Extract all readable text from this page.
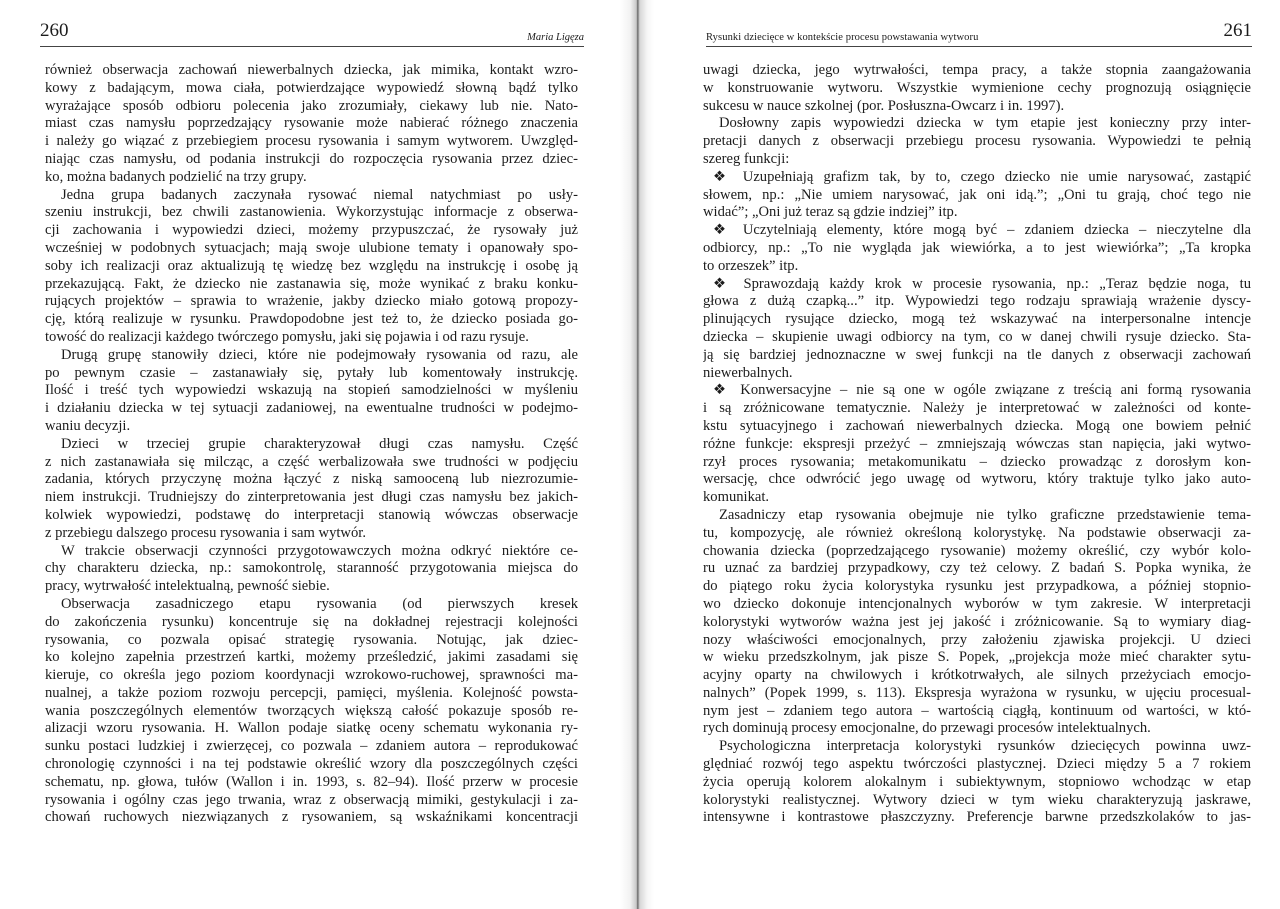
260	Maria Ligęza
również obserwacja zachowań niewerbalnych dziecka, jak mimika, kontakt wzro-
kowy z badającym, mowa ciała, potwierdzające wypowiedź słowną bądź tylko
wyrażające sposób odbioru polecenia jako zrozumiały, ciekawy lub nie. Nato-
miast czas namysłu poprzedzający rysowanie może nabierać różnego znaczenia
i należy go wiązać z przebiegiem procesu rysowania i samym wytworem. Uwzględ-
niając czas namysłu, od podania instrukcji do rozpoczęcia rysowania przez dziec-
ko, można badanych podzielić na trzy grupy.
Jedna grupa badanych zaczynała rysować niemal natychmiast po usły-
szeniu instrukcji, bez chwili zastanowienia. Wykorzystując informacje z obserwa-
cji zachowania i wypowiedzi dzieci, możemy przypuszczać, że rysowały już
wcześniej w podobnych sytuacjach; mają swoje ulubione tematy i opanowały spo-
soby ich realizacji oraz aktualizują tę wiedzę bez względu na instrukcję i osobę ją
przekazującą. Fakt, że dziecko nie zastanawia się, może wynikać z braku konku-
rujących projektów – sprawia to wrażenie, jakby dziecko miało gotową propozy-
cję, którą realizuje w rysunku. Prawdopodobne jest też to, że dziecko posiada go-
towość do realizacji każdego twórczego pomysłu, jaki się pojawia i od razu rysuje.
Drugą grupę stanowiły dzieci, które nie podejmowały rysowania od razu, ale
po pewnym czasie – zastanawiały się, pytały lub komentowały instrukcję.
Ilość i treść tych wypowiedzi wskazują na stopień samodzielności w myśleniu
i działaniu dziecka w tej sytuacji zadaniowej, na ewentualne trudności w podejmo-
waniu decyzji.
Dzieci w trzeciej grupie charakteryzował długi czas namysłu. Część
z nich zastanawiała się milcząc, a część werbalizowała swe trudności w podjęciu
zadania, których przyczynę można łączyć z niską samooceną lub niezrozumie-
niem instrukcji. Trudniejszy do zinterpretowania jest długi czas namysłu bez jakich-
kolwiek wypowiedzi, podstawę do interpretacji stanowią wówczas obserwacje
z przebiegu dalszego procesu rysowania i sam wytwór.
W trakcie obserwacji czynności przygotowawczych można odkryć niektóre ce-
chy charakteru dziecka, np.: samokontrolę, staranność przygotowania miejsca do
pracy, wytrwałość intelektualną, pewność siebie.
Obserwacja zasadniczego etapu rysowania (od pierwszych kresek
do zakończenia rysunku) koncentruje się na dokładnej rejestracji kolejności
rysowania, co pozwala opisać strategię rysowania. Notując, jak dziec-
ko kolejno zapełnia przestrzeń kartki, możemy prześledzić, jakimi zasadami się
kieruje, co określa jego poziom koordynacji wzrokowo-ruchowej, sprawności ma-
nualnej, a także poziom rozwoju percepcji, pamięci, myślenia. Kolejność powsta-
wania poszczególnych elementów tworzących większą całość pokazuje sposób re-
alizacji wzoru rysowania. H. Wallon podaje siatkę oceny schematu wykonania ry-
sunku postaci ludzkiej i zwierzęcej, co pozwala – zdaniem autora – reprodukować
chronologię czynności i na tej podstawie określić wzory dla poszczególnych części
schematu, np. głowa, tułów (Wallon i in. 1993, s. 82–94). Ilość przerw w procesie
rysowania i ogólny czas jego trwania, wraz z obserwacją mimiki, gestykulacji i za-
chowań ruchowych niezwiązanych z rysowaniem, są wskaźnikami koncentracji
Rysunki dziecięce w kontekście procesu powstawania wytworu	261
uwagi dziecka, jego wytrwałości, tempa pracy, a także stopnia zaangażowania
w konstruowanie wytworu. Wszystkie wymienione cechy prognozują osiągnięcie
sukcesu w nauce szkolnej (por. Posłuszna-Owcarz i in. 1997).
Dosłowny zapis wypowiedzi dziecka w tym etapie jest konieczny przy inter-
pretacji danych z obserwacji przebiegu procesu rysowania. Wypowiedzi te pełnią
szereg funkcji:
❖ Uzupełniają grafizm tak, by to, czego dziecko nie umie narysować, zastąpić
słowem, np.: „Nie umiem narysować, jak oni idą.”; „Oni tu grają, choć tego nie
widać”; „Oni już teraz są gdzie indziej” itp.
❖ Uczytelniają elementy, które mogą być – zdaniem dziecka – nieczytelne dla
odbiorcy, np.: „To nie wygląda jak wiewiórka, a to jest wiewiórka”; „Ta kropka
to orzeszek” itp.
❖ Sprawozdają każdy krok w procesie rysowania, np.: „Teraz będzie noga, tu
głowa z dużą czapką...” itp. Wypowiedzi tego rodzaju sprawiają wrażenie dyscy-
plinujących rysujące dziecko, mogą też wskazywać na interpersonalne intencje
dziecka – skupienie uwagi odbiorcy na tym, co w danej chwili rysuje dziecko. Sta-
ją się bardziej jednoznaczne w swej funkcji na tle danych z obserwacji zachowań
niewerbalnych.
❖ Konwersacyjne – nie są one w ogóle związane z treścią ani formą rysowania
i są zróżnicowane tematycznie. Należy je interpretować w zależności od konte-
kstu sytuacyjnego i zachowań niewerbalnych dziecka. Mogą one bowiem pełnić
różne funkcje: ekspresji przeżyć – zmniejszają wówczas stan napięcia, jaki wytwo-
rzył proces rysowania; metakomunikatu – dziecko prowadząc z dorosłym kon-
wersację, chce odwrócić jego uwagę od wytworu, który traktuje tylko jako auto-
komunikat.
Zasadniczy etap rysowania obejmuje nie tylko graficzne przedstawienie tema-
tu, kompozycję, ale również określoną kolorystykę. Na podstawie obserwacji za-
chowania dziecka (poprzedzającego rysowanie) możemy określić, czy wybór kolo-
ru uznać za bardziej przypadkowy, czy też celowy. Z badań S. Popka wynika, że
do piątego roku życia kolorystyka rysunku jest przypadkowa, a później stopnio-
wo dziecko dokonuje intencjonalnych wyborów w tym zakresie. W interpretacji
kolorystyki wytworów ważna jest jej jakość i zróżnicowanie. Są to wymiary diag-
nozy właściwości emocjonalnych, przy założeniu zjawiska projekcji. U dzieci
w wieku przedszkolnym, jak pisze S. Popek, „projekcja może mieć charakter sytu-
acyjny oparty na chwilowych i krótkotrwałych, ale silnych przeżyciach emocjo-
nalnych” (Popek 1999, s. 113). Ekspresja wyrażona w rysunku, w ujęciu procesual-
nym jest – zdaniem tego autora – wartością ciągłą, kontinuum od wartości, w któ-
rych dominują procesy emocjonalne, do przewagi procesów intelektualnych.
Psychologiczna interpretacja kolorystyki rysunków dziecięcych powinna uwz-
ględniać rozwój tego aspektu twórczości plastycznej. Dzieci między 5 a 7 rokiem
życia operują kolorem alokalnym i subiektywnym, stopniowo wchodząc w etap
kolorystyki realistycznej. Wytwory dzieci w tym wieku charakteryzują jaskrawe,
intensywne i kontrastowe płaszczyzny. Preferencje barwne przedszkolaków to jas-
